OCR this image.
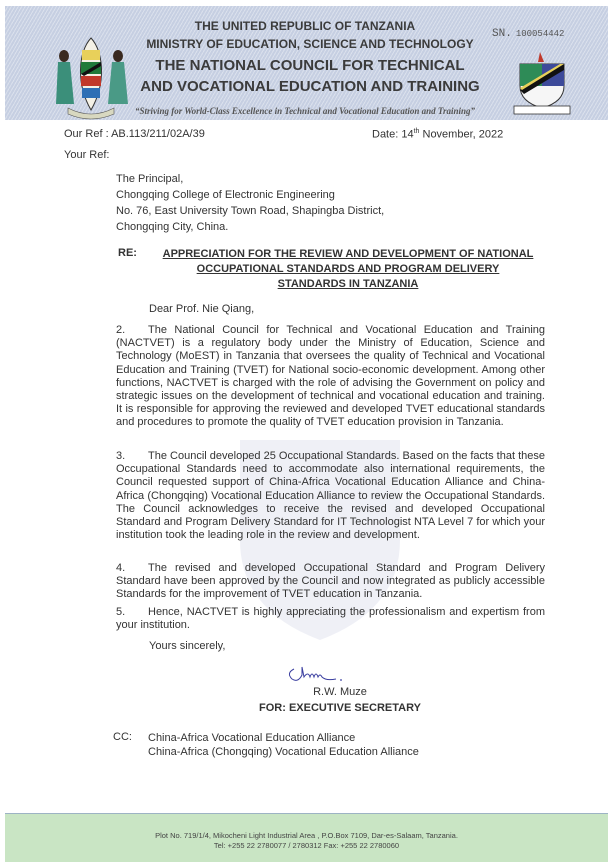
THE UNITED REPUBLIC OF TANZANIA
MINISTRY OF EDUCATION, SCIENCE AND TECHNOLOGY
THE NATIONAL COUNCIL FOR TECHNICAL
AND VOCATIONAL EDUCATION AND TRAINING
“Striving for World-Class Excellence in Technical and Vocational Education and Training”
SN. 100054442
Our Ref : AB.113/211/02A/39
Your Ref:
Date: 14th November, 2022
The Principal,
Chongqing College of Electronic Engineering
No. 76, East University Town Road, Shapingba District,
Chongqing City, China.
RE:	APPRECIATION FOR THE REVIEW AND DEVELOPMENT OF NATIONAL
OCCUPATIONAL STANDARDS AND PROGRAM DELIVERY
STANDARDS IN TANZANIA
Dear Prof. Nie Qiang,
2. The National Council for Technical and Vocational Education and Training (NACTVET) is a regulatory body under the Ministry of Education, Science and Technology (MoEST) in Tanzania that oversees the quality of Technical and Vocational Education and Training (TVET) for National socio-economic development. Among other functions, NACTVET is charged with the role of advising the Government on policy and strategic issues on the development of technical and vocational education and training. It is responsible for approving the reviewed and developed TVET educational standards and procedures to promote the quality of TVET education provision in Tanzania.
3. The Council developed 25 Occupational Standards. Based on the facts that these Occupational Standards need to accommodate also international requirements, the Council requested support of China-Africa Vocational Education Alliance and China-Africa (Chongqing) Vocational Education Alliance to review the Occupational Standards. The Council acknowledges to receive the revised and developed Occupational Standard and Program Delivery Standard for IT Technologist NTA Level 7 for which your institution took the leading role in the review and development.
4. The revised and developed Occupational Standard and Program Delivery Standard have been approved by the Council and now integrated as publicly accessible Standards for the improvement of TVET education in Tanzania.
5. Hence, NACTVET is highly appreciating the professionalism and expertism from your institution.
Yours sincerely,
R.W. Muze
FOR: EXECUTIVE SECRETARY
CC: China-Africa Vocational Education Alliance
China-Africa (Chongqing) Vocational Education Alliance
Plot No. 719/1/4, Mikocheni Light Industrial Area , P.O.Box 7109, Dar-es-Salaam, Tanzania.
Tel: +255 22 2780077 / 2780312 Fax: +255 22 2780060
